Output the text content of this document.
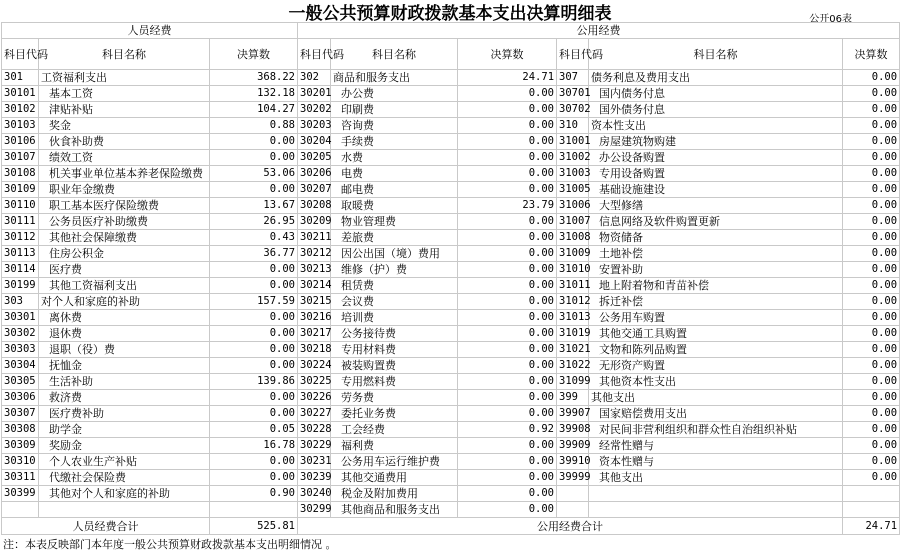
一般公共预算财政拨款基本支出决算明细表	公开06表
人员经费			公用经费					
科目代码	科目名称	决算数	科目代码	科目名称	决算数	科目代码	科目名称	决算数
301	工资福利支出	368.22	302	商品和服务支出	24.71	307	债务利息及费用支出	0.00
30101	基本工资	132.18	30201	办公费	0.00	30701	国内债务付息	0.00
30102	津贴补贴	104.27	30202	印刷费	0.00	30702	国外债务付息	0.00
30103	奖金	0.88	30203	咨询费	0.00	310	资本性支出	0.00
30106	伙食补助费	0.00	30204	手续费	0.00	31001	房屋建筑物购建	0.00
30107	绩效工资	0.00	30205	水费	0.00	31002	办公设备购置	0.00
30108	机关事业单位基本养老保险缴费	53.06	30206	电费	0.00	31003	专用设备购置	0.00
30109	职业年金缴费	0.00	30207	邮电费	0.00	31005	基础设施建设	0.00
30110	职工基本医疗保险缴费	13.67	30208	取暖费	23.79	31006	大型修缮	0.00
30111	公务员医疗补助缴费	26.95	30209	物业管理费	0.00	31007	信息网络及软件购置更新	0.00
30112	其他社会保障缴费	0.43	30211	差旅费	0.00	31008	物资储备	0.00
30113	住房公积金	36.77	30212	因公出国（境）费用	0.00	31009	土地补偿	0.00
30114	医疗费	0.00	30213	维修（护）费	0.00	31010	安置补助	0.00
30199	其他工资福利支出	0.00	30214	租赁费	0.00	31011	地上附着物和青苗补偿	0.00
303	对个人和家庭的补助	157.59	30215	会议费	0.00	31012	拆迁补偿	0.00
30301	离休费	0.00	30216	培训费	0.00	31013	公务用车购置	0.00
30302	退休费	0.00	30217	公务接待费	0.00	31019	其他交通工具购置	0.00
30303	退职（役）费	0.00	30218	专用材料费	0.00	31021	文物和陈列品购置	0.00
30304	抚恤金	0.00	30224	被装购置费	0.00	31022	无形资产购置	0.00
30305	生活补助	139.86	30225	专用燃料费	0.00	31099	其他资本性支出	0.00
30306	救济费	0.00	30226	劳务费	0.00	399	其他支出	0.00
30307	医疗费补助	0.00	30227	委托业务费	0.00	39907	国家赔偿费用支出	0.00
30308	助学金	0.05	30228	工会经费	0.92	39908	对民间非营利组织和群众性自治组织补贴	0.00
30309	奖励金	16.78	30229	福利费	0.00	39909	经常性赠与	0.00
30310	个人农业生产补贴	0.00	30231	公务用车运行维护费	0.00	39910	资本性赠与	0.00
30311	代缴社会保险费	0.00	30239	其他交通费用	0.00	39999	其他支出	0.00
30399	其他对个人和家庭的补助	0.90	30240	税金及附加费用	0.00			
			30299	其他商品和服务支出	0.00			
人员经费合计		525.81	公用经费合计					24.71
注：本表反映部门本年度一般公共预算财政拨款基本支出明细情况 。
